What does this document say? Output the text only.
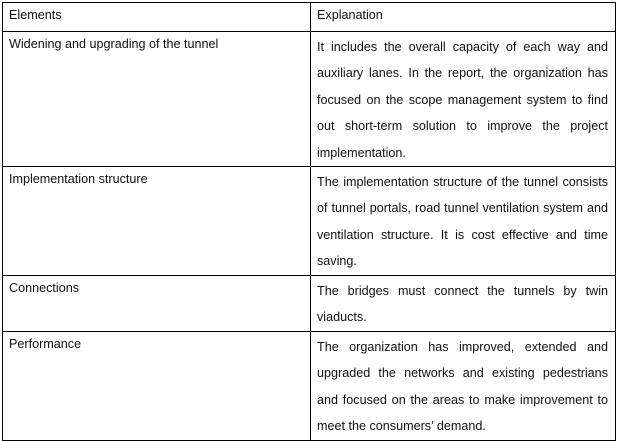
Elements	Explanation
Widening and upgrading of the tunnel	It includes the overall capacity of each way and auxiliary lanes. In the report, the organization has focused on the scope management system to find out short-term solution to improve the project implementation.
Implementation structure	The implementation structure of the tunnel consists of tunnel portals, road tunnel ventilation system and ventilation structure. It is cost effective and time saving.
Connections	The bridges must connect the tunnels by twin viaducts.
Performance	The organization has improved, extended and upgraded the networks and existing pedestrians and focused on the areas to make improvement to meet the consumers’ demand.
